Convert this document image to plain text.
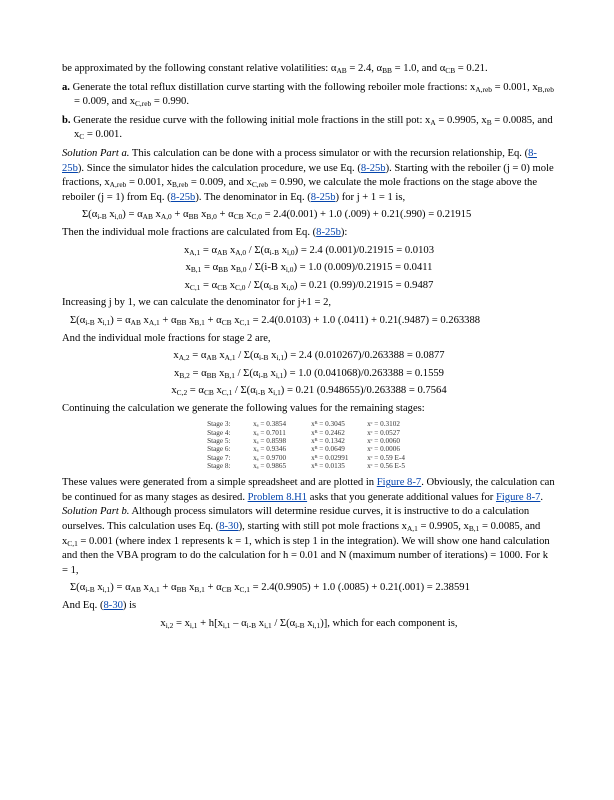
be approximated by the following constant relative volatilities: $\alpha_{AB} = 2.4$, $\alpha_{BB} = 1.0$, and $\alpha_{CB} = 0.21$.

a. Generate the total reflux distillation curve starting with the following reboiler mole fractions: $x_{A,reb} = 0.001$, $x_{B,reb} = 0.009$, and $x_{C,reb} = 0.990$.

b. Generate the residue curve with the following initial mole fractions in the still pot: $x_A = 0.9905$, $x_B = 0.0085$, and $x_C = 0.001$.

Solution Part a. This calculation can be done with a process simulator or with the recursion relationship, Eq. (8-25b). Since the simulator hides the calculation procedure, we use Eq. (8-25b). Starting with the reboiler (j = 0) mole fractions, $x_{A,reb} = 0.001$, $x_{B,reb} = 0.009$, and $x_{C,reb} = 0.990$, we calculate the mole fractions on the stage above the reboiler (j = 1) from Eq. (8-25b). The denominator in Eq. (8-25b) for j + 1 = 1 is,

$\Sigma(\alpha_{i-B}$ $x_{i,0}) = \alpha_{AB}$ $x_{A,0} + \alpha_{BB}$ $x_{B,0} + \alpha_{CB}$ $x_{C,0} = 2.4(0.001) + 1.0$ (.009) + 0.21(.990) = 0.21915

Then the individual mole fractions are calculated from Eq. (8-25b):

$x_{A,1} = \alpha_{AB}$ $x_{A,0} / \Sigma(\alpha_{i-B}$ $x_{i,0}) = 2.4$ (0.001)/0.21915 = 0.0103

$x_{B,1} = \alpha_{BB}$ $x_{B,0} / \Sigma(i-B$ $x_{i,0}) = 1.0$ (0.009)/0.21915 = 0.0411

$x_{C,1} = \alpha_{CB}$ $x_{C,0} / \Sigma(\alpha_{i-B}$ $x_{i,0}) = 0.21$ (0.99)/0.21915 = 0.9487

Increasing j by 1, we can calculate the denominator for j+1 = 2,

$\Sigma(\alpha_{i-B}$ $x_{i,1}) = \alpha_{AB}$ $x_{A,1} + \alpha_{BB}$ $x_{B,1} + \alpha_{CB}$ $x_{C,1} = 2.4(0.0103) + 1.0$ (.0411) + 0.21(.9487) = 0.263388

And the individual mole fractions for stage 2 are,

$x_{A,2} = \alpha_{AB}$ $x_{A,1} / \Sigma(\alpha_{i-B}$ $x_{i,1}) = 2.4$ (0.010267)/0.263388 = 0.0877

$x_{B,2} = \alpha_{BB}$ $x_{B,1} / \Sigma(\alpha_{i-B}$ $x_{i,1}) = 1.0$ (0.041068)/0.263388 = 0.1559

$x_{C,2} = \alpha_{CB}$ $x_{C,1} / \Sigma(\alpha_{i-B}$ $x_{i,1}) = 0.21$ (0.948655)/0.263388 = 0.7564

Continuing the calculation we generate the following values for the remaining stages:

Stage 3:	xₐ = 0.3854	xᴮ = 0.3045	xᶜ = 0.3102
Stage 4:	xₐ = 0.7011	xᴮ = 0.2462	xᶜ = 0.0527
Stage 5:	xₐ = 0.8598	xᴮ = 0.1342	xᶜ = 0.0060
Stage 6:	xₐ = 0.9346	xᴮ = 0.0649	xᶜ = 0.0006
Stage 7:	xₐ = 0.9700	xᴮ = 0.02991	xᶜ = 0.59 E-4
Stage 8:	xₐ = 0.9865	xᴮ = 0.0135	xᶜ = 0.56 E-5

These values were generated from a simple spreadsheet and are plotted in Figure 8-7. Obviously, the calculation can be continued for as many stages as desired. Problem 8.H1 asks that you generate additional values for Figure 8-7.

Solution Part b. Although process simulators will determine residue curves, it is instructive to do a calculation ourselves. This calculation uses Eq. (8-30), starting with still pot mole fractions $x_{A,1} = 0.9905$, $x_{B,1} = 0.0085$, and $x_{C,1} = 0.001$ (where index 1 represents k = 1, which is step 1 in the integration). We will show one hand calculation and then the VBA program to do the calculation for h = 0.01 and N (maximum number of iterations) = 1000. For k = 1,

$\Sigma(\alpha_{i-B}$ $x_{i,1}) = \alpha_{AB}$ $x_{A,1} + \alpha_{BB}$ $x_{B,1} + \alpha_{CB}$ $x_{C,1} = 2.4(0.9905) + 1.0$ (.0085) + 0.21(.001) = 2.38591

And Eq. (8-30) is

$x_{i,2} = x_{i,1} + h[x_{i,1} - \alpha_{i-B}$ $x_{i,1} / \Sigma(\alpha_{i-B}$ $x_{i,1}$)], which for each component is,
